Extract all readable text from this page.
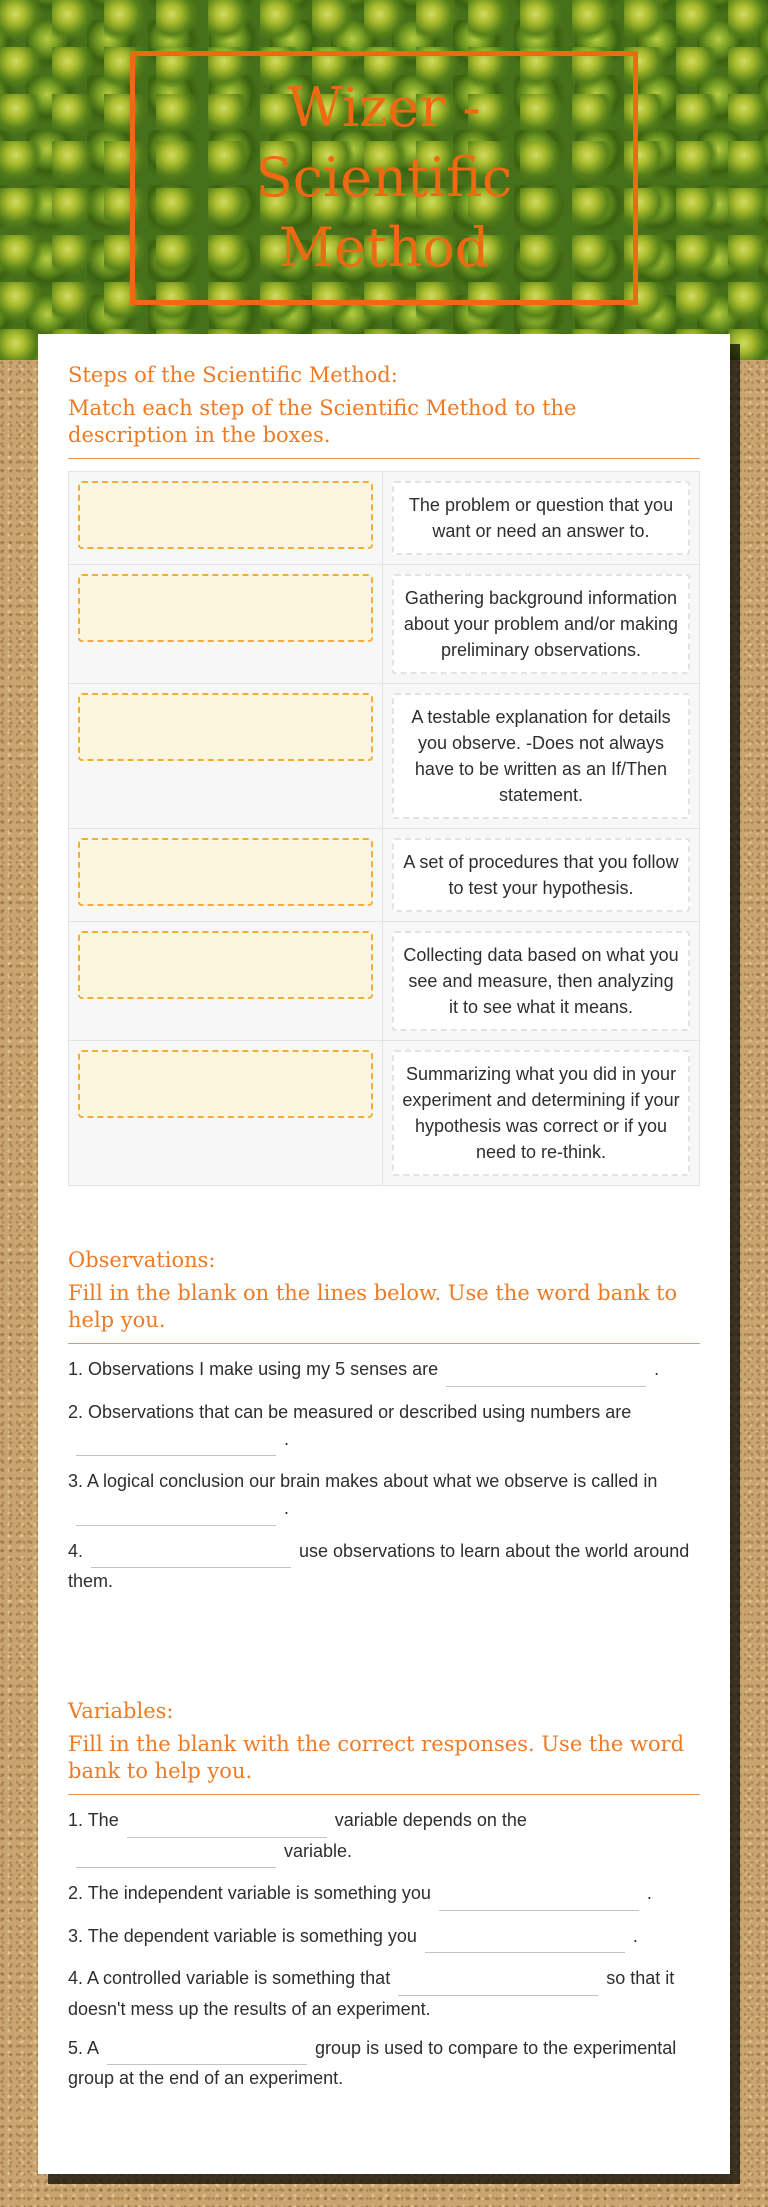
Wizer - Scientific Method
Steps of the Scientific Method:
Match each step of the Scientific Method to the description in the boxes.
The problem or question that you want or need an answer to.
Gathering background information about your problem and/or making preliminary observations.
A testable explanation for details you observe. -Does not always have to be written as an If/Then statement.
A set of procedures that you follow to test your hypothesis.
Collecting data based on what you see and measure, then analyzing it to see what it means.
Summarizing what you did in your experiment and determining if your hypothesis was correct or if you need to re-think.
Observations:
Fill in the blank on the lines below. Use the word bank to help you.
1. Observations I make using my 5 senses are	.
2. Observations that can be measured or described using numbers are.
3. A logical conclusion our brain makes about what we observe is called in.
4.	use observations to learn about the world around them.
Variables:
Fill in the blank with the correct responses. Use the word bank to help you.
1. The	variable depends on thevariable.
2. The independent variable is something you	.
3. The dependent variable is something you	.
4. A controlled variable is something that	so that it doesn't mess up the results of an experiment.
5. A	group is used to compare to the experimental group at the end of an experiment.
